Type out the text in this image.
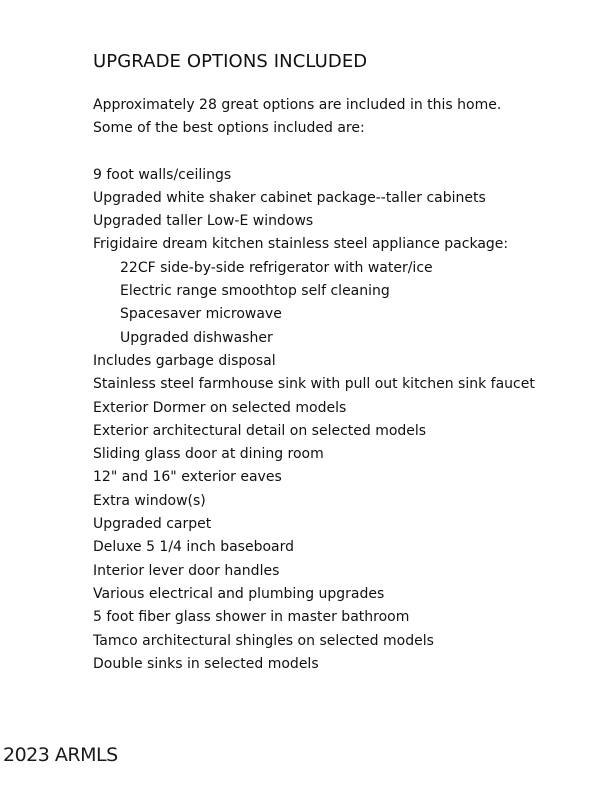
UPGRADE OPTIONS INCLUDED

Approximately 28 great options are included in this home.

Some of the best options included are:

9 foot walls/ceilings
Upgraded white shaker cabinet package--taller cabinets
Upgraded taller Low-E windows
Frigidaire dream kitchen stainless steel appliance package:
22CF side-by-side refrigerator with water/ice
Electric range smoothtop self cleaning
Spacesaver microwave
Upgraded dishwasher
Includes garbage disposal
Stainless steel farmhouse sink with pull out kitchen sink faucet
Exterior Dormer on selected models
Exterior architectural detail on selected models
Sliding glass door at dining room
12" and 16" exterior eaves
Extra window(s)
Upgraded carpet
Deluxe 5 1/4 inch baseboard
Interior lever door handles
Various electrical and plumbing upgrades
5 foot fiber glass shower in master bathroom
Tamco architectural shingles on selected models
Double sinks in selected models
2023 ARMLS
